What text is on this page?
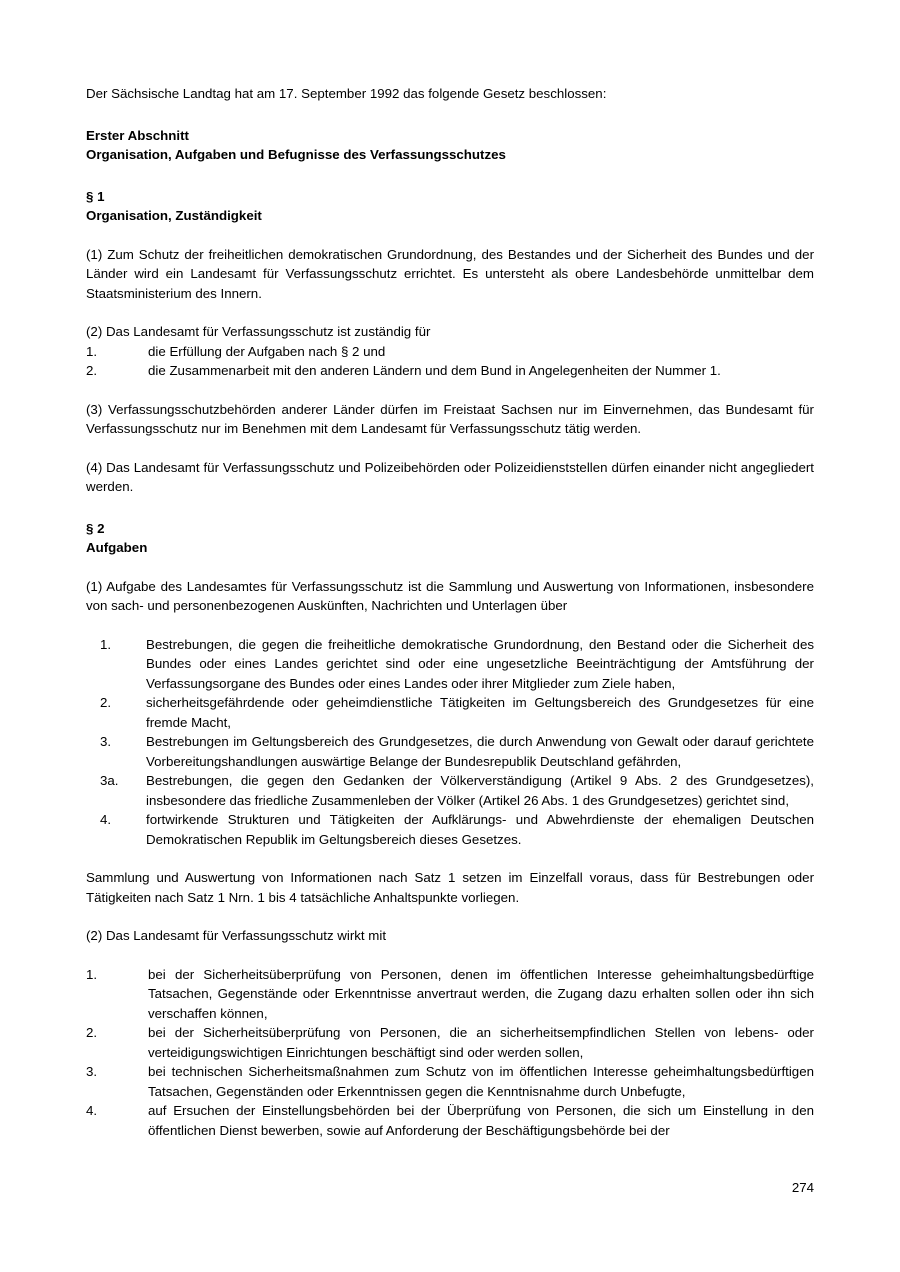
Der Sächsische Landtag hat am 17. September 1992 das folgende Gesetz beschlossen:

Erster Abschnitt

Organisation, Aufgaben und Befugnisse des Verfassungsschutzes

§ 1

Organisation, Zuständigkeit

(1) Zum Schutz der freiheitlichen demokratischen Grundordnung, des Bestandes und der Sicherheit des Bundes und der Länder wird ein Landesamt für Verfassungsschutz errichtet. Es untersteht als obere Landesbehörde unmittelbar dem Staatsministerium des Innern.

(2) Das Landesamt für Verfassungsschutz ist zuständig für

1.	die Erfüllung der Aufgaben nach § 2 und
2.	die Zusammenarbeit mit den anderen Ländern und dem Bund in Angelegenheiten der Nummer 1.

(3) Verfassungsschutzbehörden anderer Länder dürfen im Freistaat Sachsen nur im Einvernehmen, das Bundesamt für Verfassungsschutz nur im Benehmen mit dem Landesamt für Verfassungsschutz tätig werden.

(4) Das Landesamt für Verfassungsschutz und Polizeibehörden oder Polizeidienststellen dürfen einander nicht angegliedert werden.

§ 2

Aufgaben

(1) Aufgabe des Landesamtes für Verfassungsschutz ist die Sammlung und Auswertung von Informationen, insbesondere von sach- und personenbezogenen Auskünften, Nachrichten und Unterlagen über

1.	Bestrebungen, die gegen die freiheitliche demokratische Grundordnung, den Bestand oder die Sicherheit des Bundes oder eines Landes gerichtet sind oder eine ungesetzliche Beeinträchtigung der Amtsführung der Verfassungsorgane des Bundes oder eines Landes oder ihrer Mitglieder zum Ziele haben,
2.	sicherheitsgefährdende oder geheimdienstliche Tätigkeiten im Geltungsbereich des Grundgesetzes für eine fremde Macht,
3.	Bestrebungen im Geltungsbereich des Grundgesetzes, die durch Anwendung von Gewalt oder darauf gerichtete Vorbereitungshandlungen auswärtige Belange der Bundesrepublik Deutschland gefährden,
3a.	Bestrebungen, die gegen den Gedanken der Völkerverständigung (Artikel 9 Abs. 2 des Grundgesetzes), insbesondere das friedliche Zusammenleben der Völker (Artikel 26 Abs. 1 des Grundgesetzes) gerichtet sind,
4.	fortwirkende Strukturen und Tätigkeiten der Aufklärungs- und Abwehrdienste der ehemaligen Deutschen Demokratischen Republik im Geltungsbereich dieses Gesetzes.

Sammlung und Auswertung von Informationen nach Satz 1 setzen im Einzelfall voraus, dass für Bestrebungen oder Tätigkeiten nach Satz 1 Nrn. 1 bis 4 tatsächliche Anhaltspunkte vorliegen.

(2) Das Landesamt für Verfassungsschutz wirkt mit

1.	bei der Sicherheitsüberprüfung von Personen, denen im öffentlichen Interesse geheimhaltungsbedürftige Tatsachen, Gegenstände oder Erkenntnisse anvertraut werden, die Zugang dazu erhalten sollen oder ihn sich verschaffen können,
2.	bei der Sicherheitsüberprüfung von Personen, die an sicherheitsempfindlichen Stellen von lebens- oder verteidigungswichtigen Einrichtungen beschäftigt sind oder werden sollen,
3.	bei technischen Sicherheitsmaßnahmen zum Schutz von im öffentlichen Interesse geheimhaltungsbedürftigen Tatsachen, Gegenständen oder Erkenntnissen gegen die Kenntnisnahme durch Unbefugte,
4.	auf Ersuchen der Einstellungsbehörden bei der Überprüfung von Personen, die sich um Einstellung in den öffentlichen Dienst bewerben, sowie auf Anforderung der Beschäftigungsbehörde bei der
274
